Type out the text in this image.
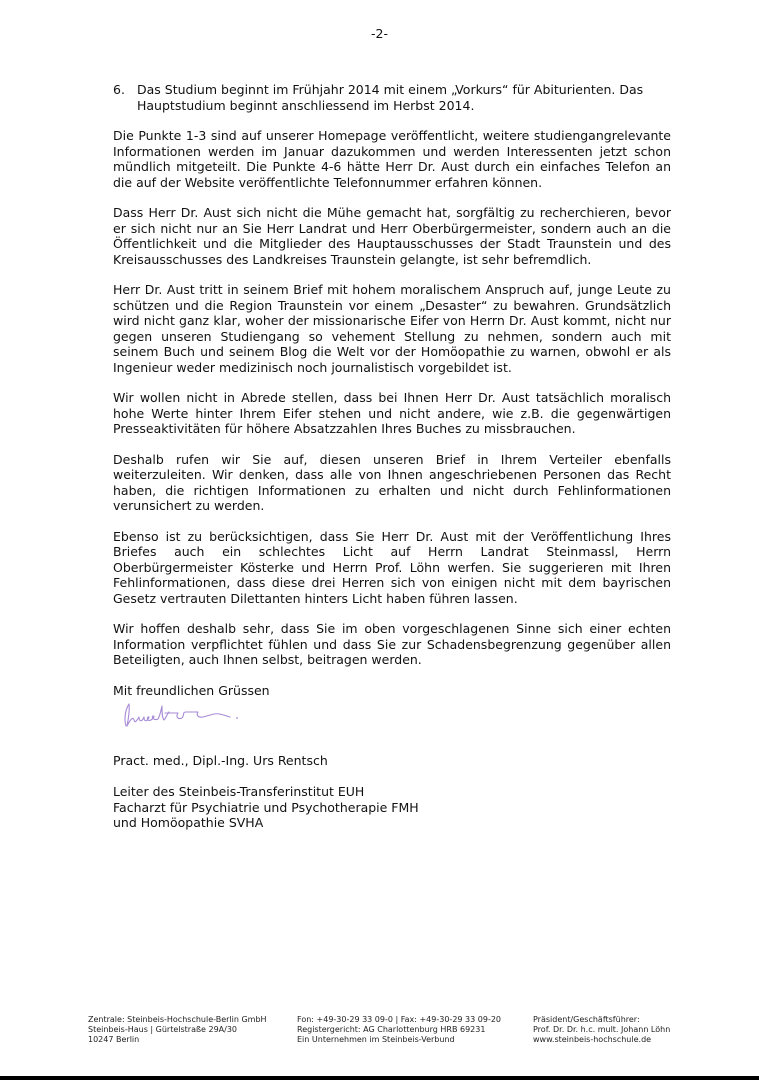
-2-
6. Das Studium beginnt im Frühjahr 2014 mit einem „Vorkurs“ für Abiturienten. Das Hauptstudium beginnt anschliessend im Herbst 2014.

Die Punkte 1-3 sind auf unserer Homepage veröffentlicht, weitere studiengangrelevante Informationen werden im Januar dazukommen und werden Interessenten jetzt schon mündlich mitgeteilt. Die Punkte 4-6 hätte Herr Dr. Aust durch ein einfaches Telefon an die auf der Website veröffentlichte Telefonnummer erfahren können.

Dass Herr Dr. Aust sich nicht die Mühe gemacht hat, sorgfältig zu recherchieren, bevor er sich nicht nur an Sie Herr Landrat und Herr Oberbürgermeister, sondern auch an die Öffentlichkeit und die Mitglieder des Hauptausschusses der Stadt Traunstein und des Kreisausschusses des Landkreises Traunstein gelangte, ist sehr befremdlich.

Herr Dr. Aust tritt in seinem Brief mit hohem moralischem Anspruch auf, junge Leute zu schützen und die Region Traunstein vor einem „Desaster“ zu bewahren. Grundsätzlich wird nicht ganz klar, woher der missionarische Eifer von Herrn Dr. Aust kommt, nicht nur gegen unseren Studiengang so vehement Stellung zu nehmen, sondern auch mit seinem Buch und seinem Blog die Welt vor der Homöopathie zu warnen, obwohl er als Ingenieur weder medizinisch noch journalistisch vorgebildet ist.

Wir wollen nicht in Abrede stellen, dass bei Ihnen Herr Dr. Aust tatsächlich moralisch hohe Werte hinter Ihrem Eifer stehen und nicht andere, wie z.B. die gegenwärtigen Presseaktivitäten für höhere Absatzzahlen Ihres Buches zu missbrauchen.

Deshalb rufen wir Sie auf, diesen unseren Brief in Ihrem Verteiler ebenfalls weiterzuleiten. Wir denken, dass alle von Ihnen angeschriebenen Personen das Recht haben, die richtigen Informationen zu erhalten und nicht durch Fehlinformationen verunsichert zu werden.

Ebenso ist zu berücksichtigen, dass Sie Herr Dr. Aust mit der Veröffentlichung Ihres Briefes auch ein schlechtes Licht auf Herrn Landrat Steinmassl, Herrn Oberbürgermeister Kösterke und Herrn Prof. Löhn werfen. Sie suggerieren mit Ihren Fehlinformationen, dass diese drei Herren sich von einigen nicht mit dem bayrischen Gesetz vertrauten Dilettanten hinters Licht haben führen lassen.

Wir hoffen deshalb sehr, dass Sie im oben vorgeschlagenen Sinne sich einer echten Information verpflichtet fühlen und dass Sie zur Schadensbegrenzung gegenüber allen Beteiligten, auch Ihnen selbst, beitragen werden.

Mit freundlichen Grüssen

Pract. med., Dipl.-Ing. Urs Rentsch
Leiter des Steinbeis-Transferinstitut EUH
Facharzt für Psychiatrie und Psychotherapie FMH
und Homöopathie SVHA
Zentrale: Steinbeis-Hochschule-Berlin GmbH
Steinbeis-Haus | Gürtelstraße 29A/30
10247 Berlin
Fon: +49-30-29 33 09-0 | Fax: +49-30-29 33 09-20
Registergericht: AG Charlottenburg HRB 69231
Ein Unternehmen im Steinbeis-Verbund
Präsident/Geschäftsführer:
Prof. Dr. Dr. h.c. mult. Johann Löhn
www.steinbeis-hochschule.de
